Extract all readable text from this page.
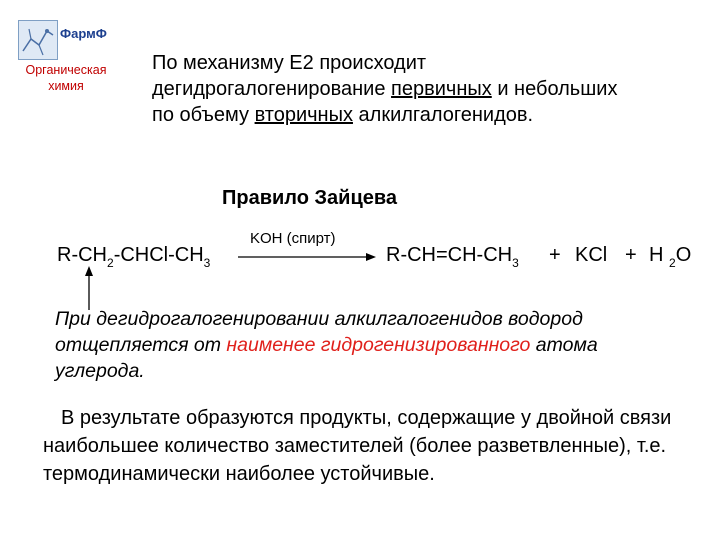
ФармФ
Органическая
химия
По механизму Е2 происходит дегидрогалогенирование первичных и небольших по объему вторичных алкилгалогенидов.
Правило Зайцева
$R-CH_2-CHCl-CH_3$
KOH (спирт)
$R-CH=CH-CH_3$ + KCl + H $_2$O
При дегидрогалогенировании алкилгалогенидов водород отщепляется от наименее гидрогенизированного атома углерода.
В результате образуются продукты, содержащие у двойной связи наибольшее количество заместителей (более разветвленные), т.е. термодинамически наиболее устойчивые.
